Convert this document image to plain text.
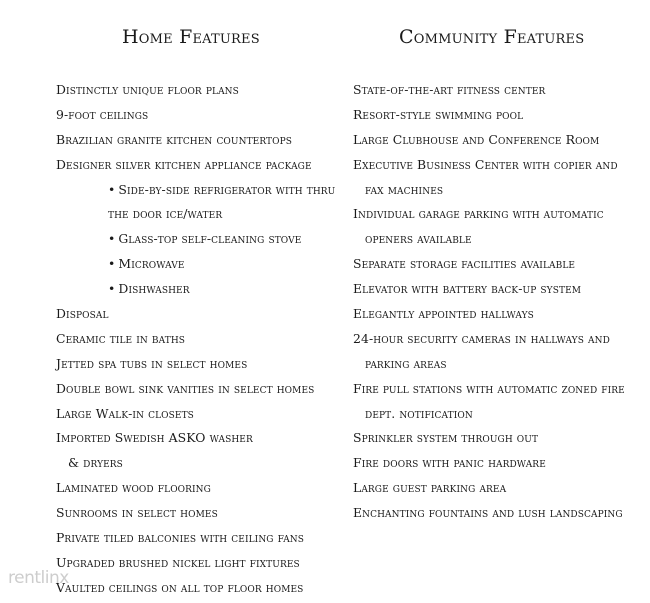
Home Features
Distinctly unique floor plans
9-foot ceilings
Brazilian granite kitchen countertops
Designer silver kitchen appliance package
• Side-by-side refrigerator with thru
the door ice/water
• Glass-top self-cleaning stove
• Microwave
• Dishwasher
Disposal
Ceramic tile in baths
Jetted spa tubs in select homes
Double bowl sink vanities in select homes
Large Walk-in closets
Imported Swedish ASKO washer
& dryers
Laminated wood flooring
Sunrooms in select homes
Private tiled balconies with ceiling fans
Upgraded brushed nickel light fixtures
Vaulted ceilings on all top floor homes
Community Features
State-of-the-art fitness center
Resort-style swimming pool
Large Clubhouse and Conference Room
Executive Business Center with copier and
fax machines
Individual garage parking with automatic
openers available
Separate storage facilities available
Elevator with battery back-up system
Elegantly appointed hallways
24-hour security cameras in hallways and
parking areas
Fire pull stations with automatic zoned fire
dept. notification
Sprinkler system through out
Fire doors with panic hardware
Large guest parking area
Enchanting fountains and lush landscaping
rentlinx
